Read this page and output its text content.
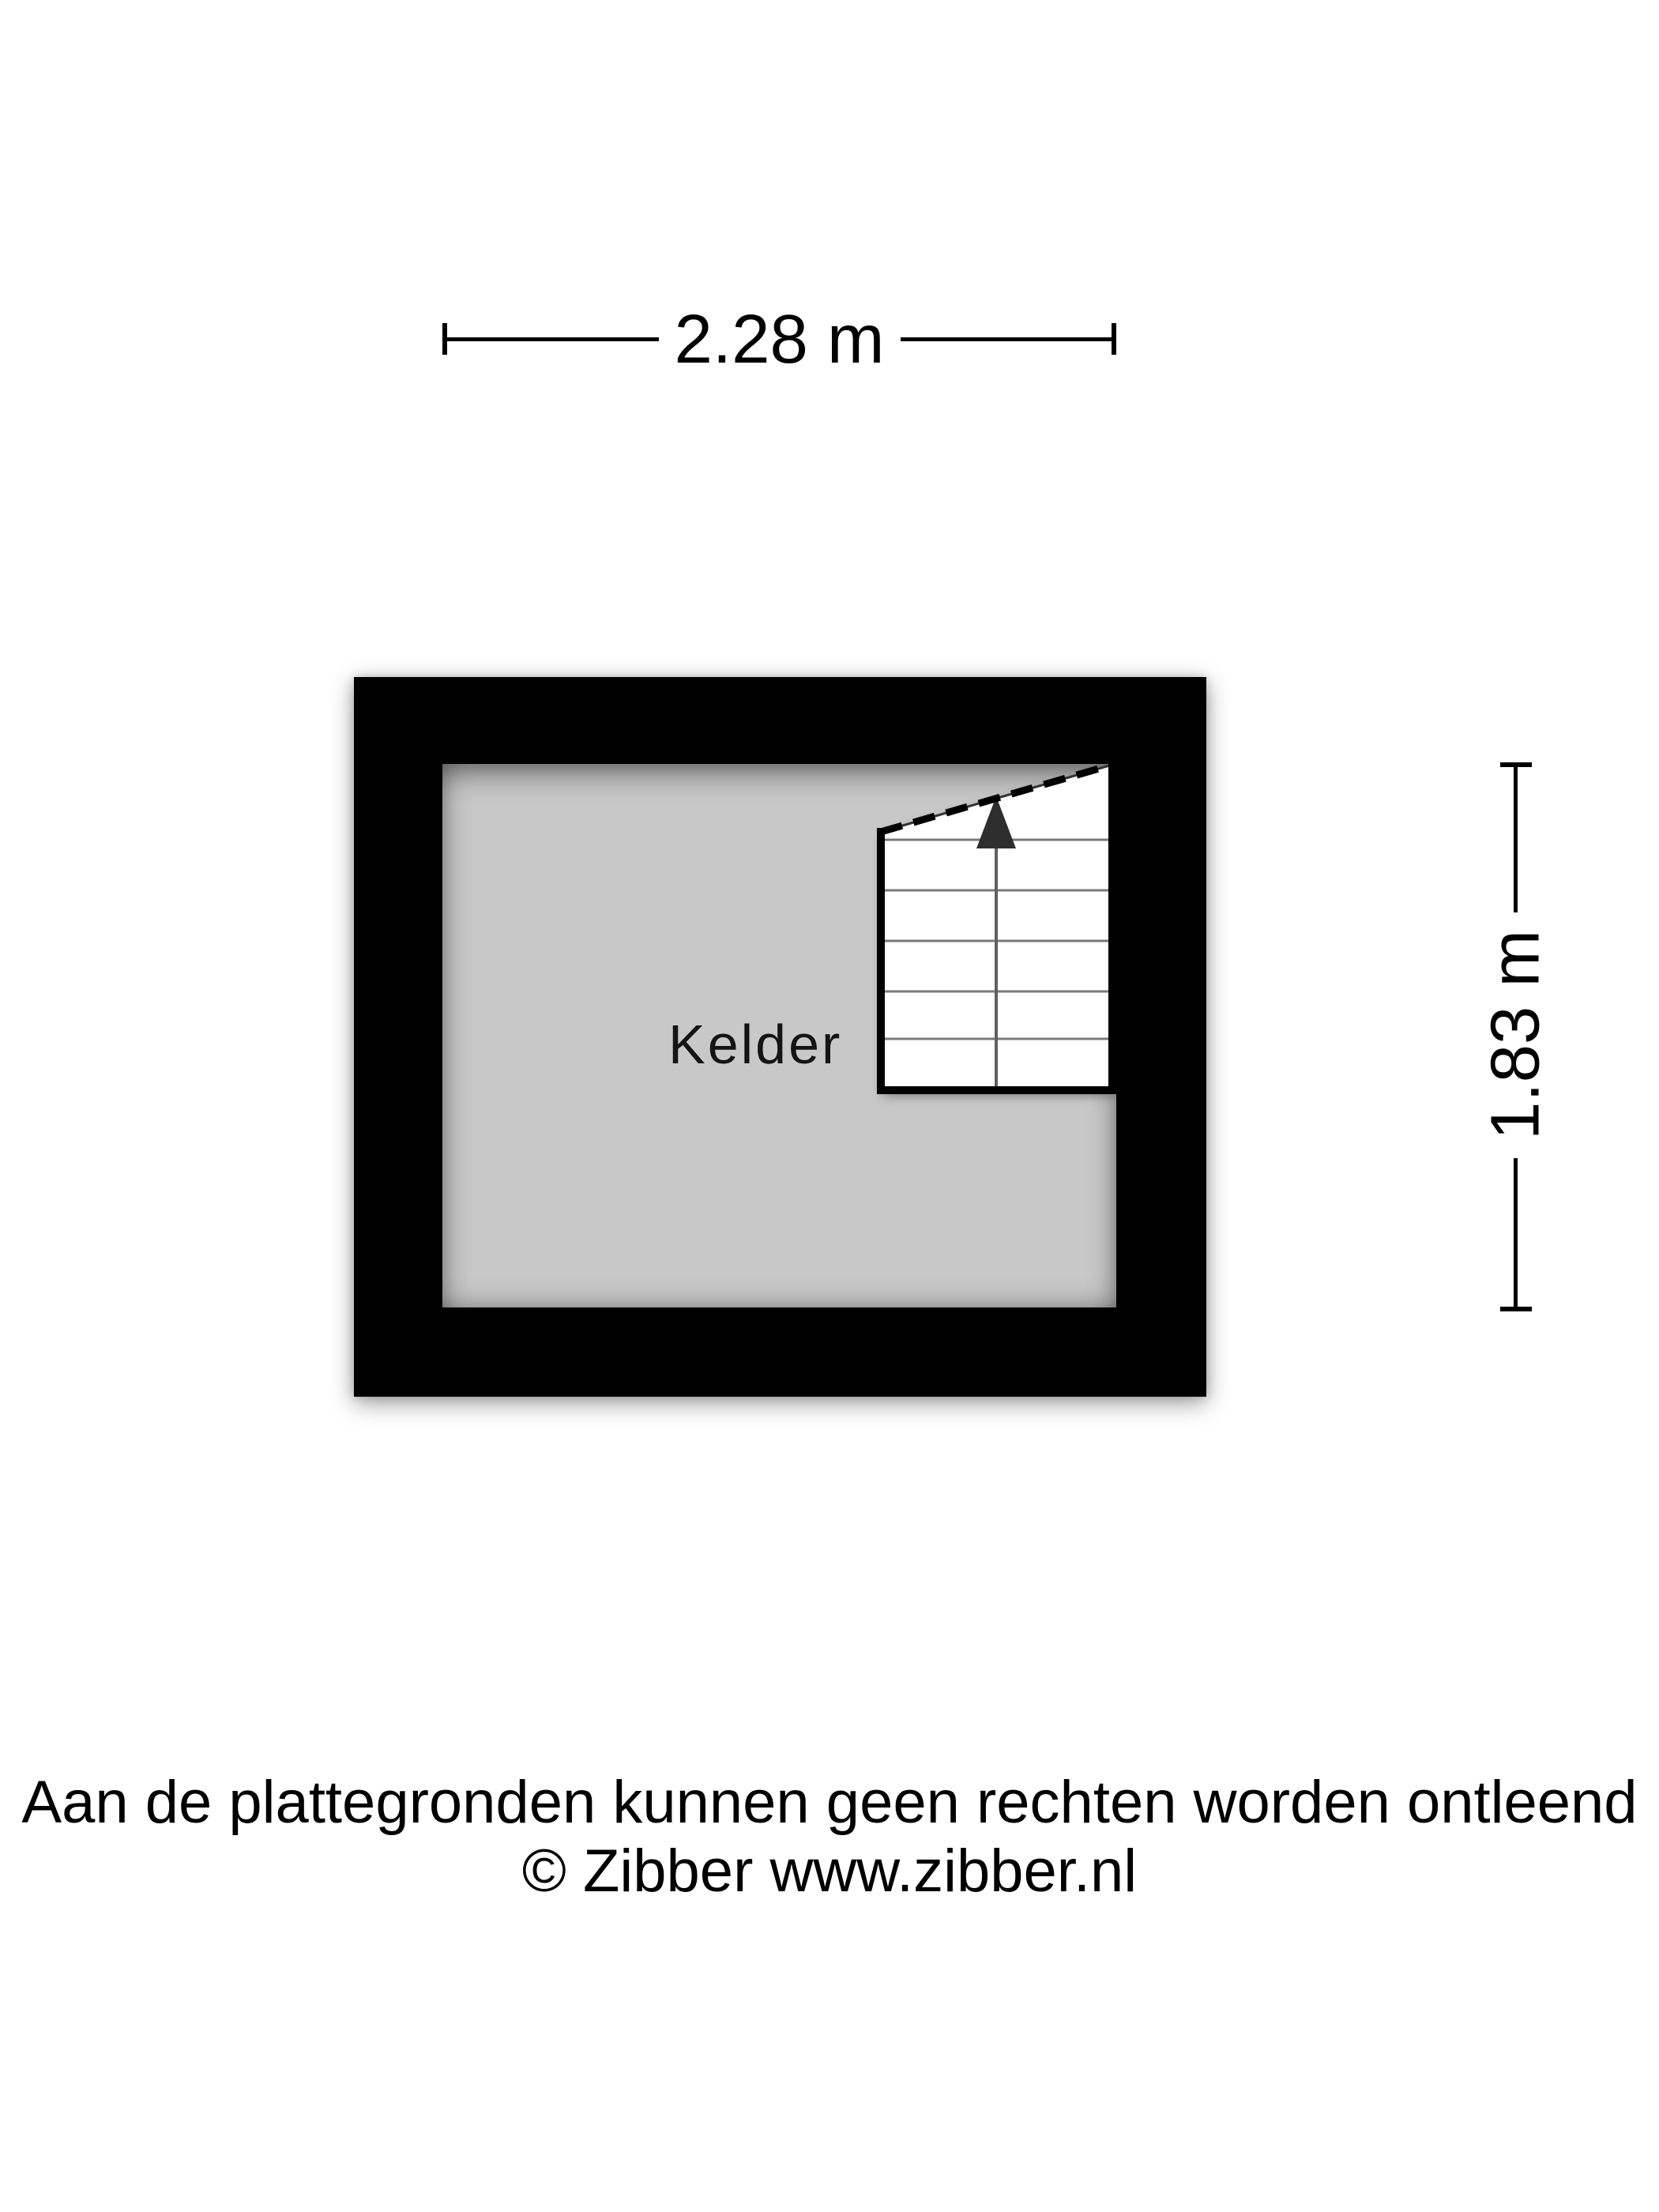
2.28 m
Kelder	1.83 m
Aan de plattegronden kunnen geen rechten worden ontleend
© Zibber www.zibber.nl
